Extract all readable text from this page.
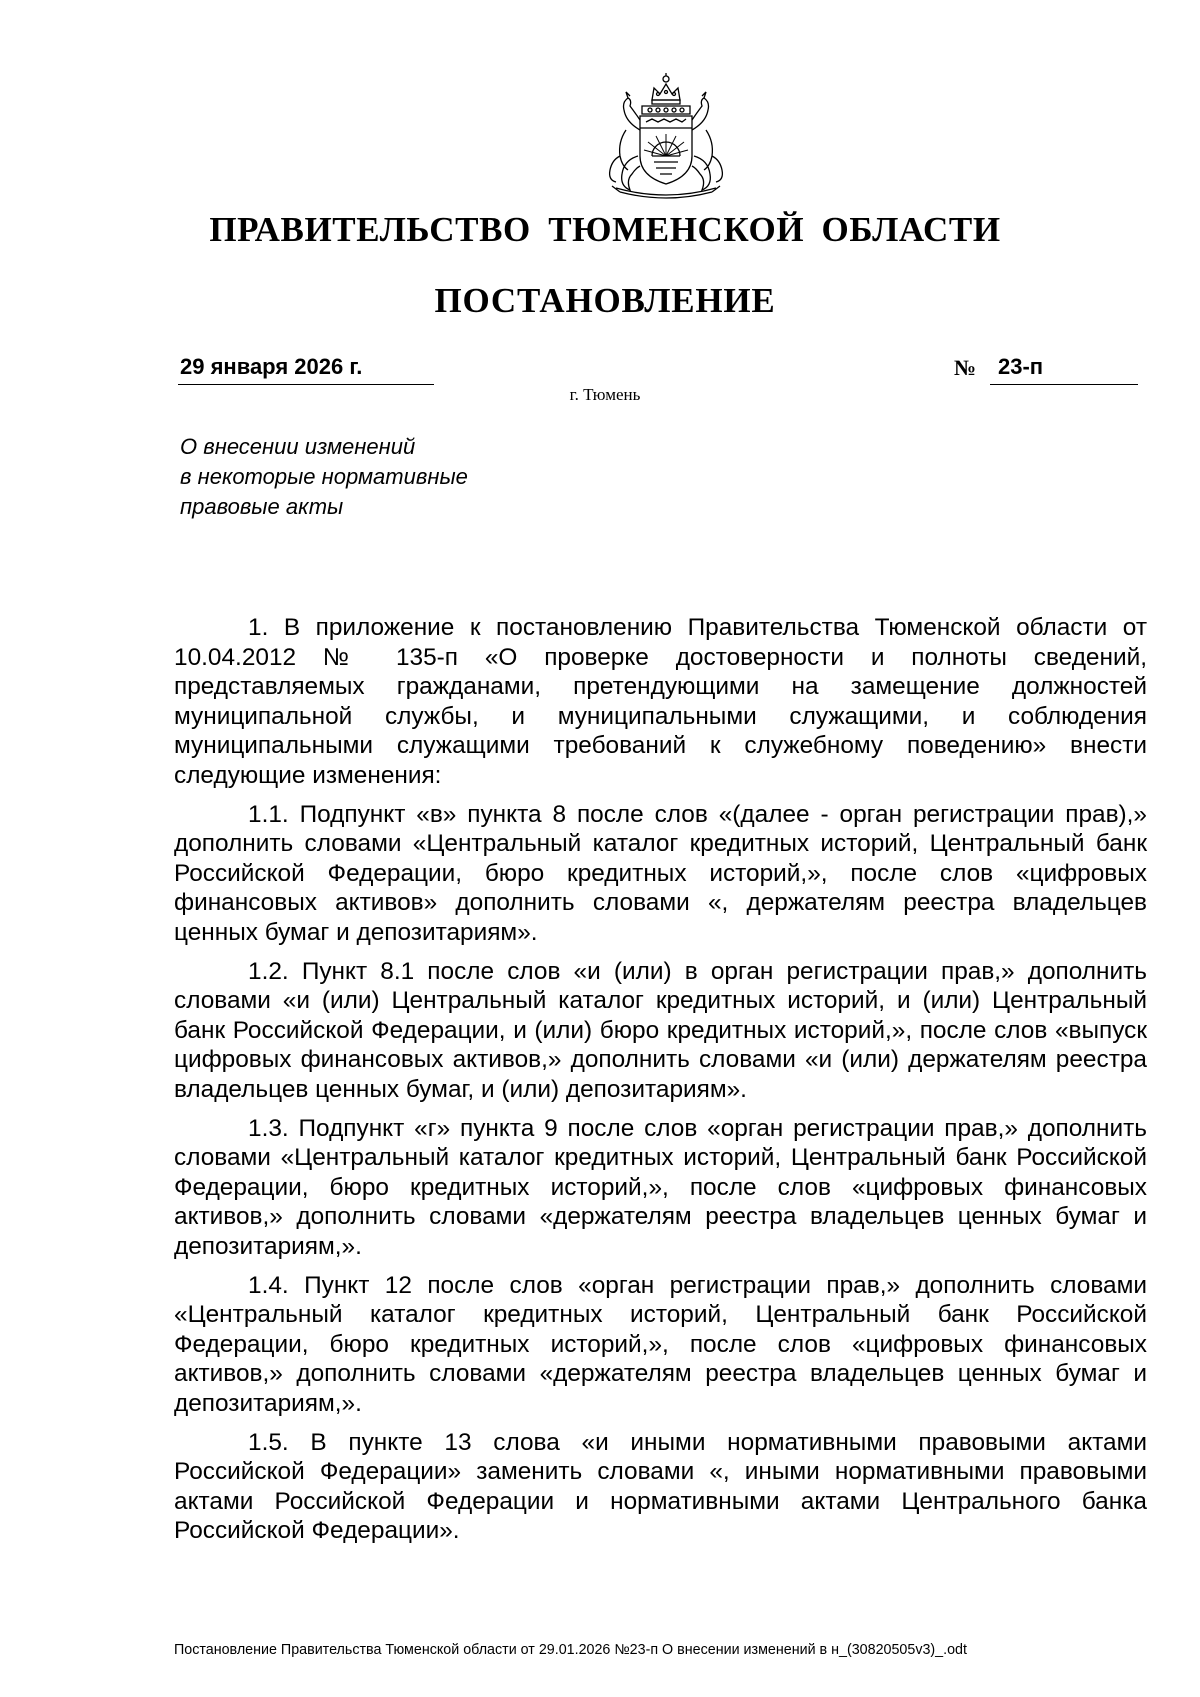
ПРАВИТЕЛЬСТВО ТЮМЕНСКОЙ ОБЛАСТИ
ПОСТАНОВЛЕНИЕ
29 января 2026 г.	№ 23-п
г. Тюмень
О внесении изменений
в некоторые нормативные
правовые акты

1. В приложение к постановлению Правительства Тюменской области от 10.04.2012 № 135-п «О проверке достоверности и полноты сведений, представляемых гражданами, претендующими на замещение должностей муниципальной службы, и муниципальными служащими, и соблюдения муниципальными служащими требований к служебному поведению» внести следующие изменения:

1.1. Подпункт «в» пункта 8 после слов «(далее - орган регистрации прав),» дополнить словами «Центральный каталог кредитных историй, Центральный банк Российской Федерации, бюро кредитных историй,», после слов «цифровых финансовых активов» дополнить словами «, держателям реестра владельцев ценных бумаг и депозитариям».

1.2. Пункт 8.1 после слов «и (или) в орган регистрации прав,» дополнить словами «и (или) Центральный каталог кредитных историй, и (или) Центральный банк Российской Федерации, и (или) бюро кредитных историй,», после слов «выпуск цифровых финансовых активов,» дополнить словами «и (или) держателям реестра владельцев ценных бумаг, и (или) депозитариям».

1.3. Подпункт «г» пункта 9 после слов «орган регистрации прав,» дополнить словами «Центральный каталог кредитных историй, Центральный банк Российской Федерации, бюро кредитных историй,», после слов «цифровых финансовых активов,» дополнить словами «держателям реестра владельцев ценных бумаг и депозитариям,».

1.4. Пункт 12 после слов «орган регистрации прав,» дополнить словами «Центральный каталог кредитных историй, Центральный банк Российской Федерации, бюро кредитных историй,», после слов «цифровых финансовых активов,» дополнить словами «держателям реестра владельцев ценных бумаг и депозитариям,».

1.5. В пункте 13 слова «и иными нормативными правовыми актами Российской Федерации» заменить словами «, иными нормативными правовыми актами Российской Федерации и нормативными актами Центрального банка Российской Федерации».

Постановление Правительства Тюменской области от 29.01.2026 №23-п О внесении изменений в н_(30820505v3)_.odt
